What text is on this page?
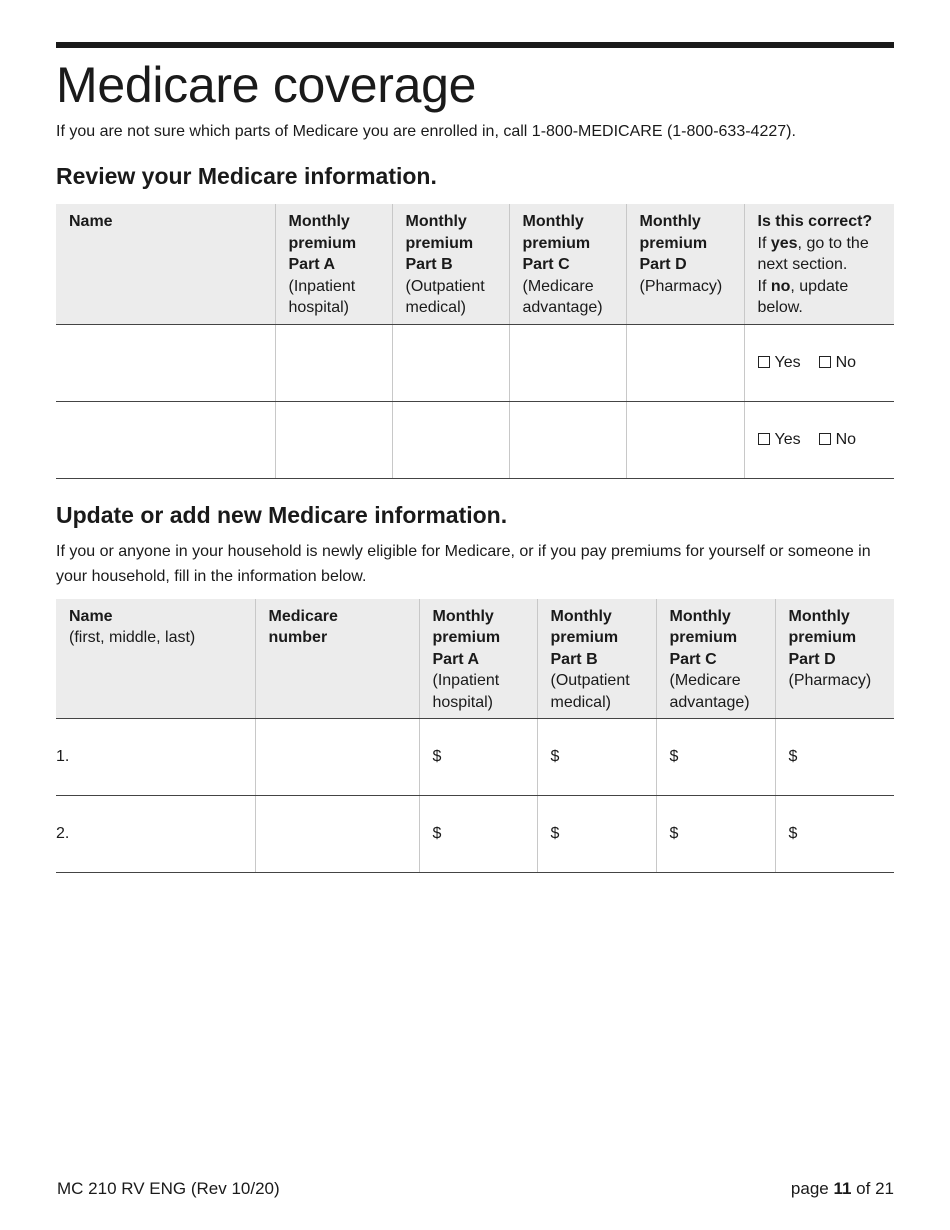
Medicare coverage

If you are not sure which parts of Medicare you are enrolled in, call 1-800-MEDICARE (1-800-633-4227).

Review your Medicare information.
Name	Monthly
premium
Part A
(Inpatient
hospital)	Monthly
premium
Part B
(Outpatient
medical)	Monthly
premium
Part C
(Medicare
advantage)	Monthly
premium
Part D
(Pharmacy)	Is this correct?
If yes, go to the
next section.
If no, update
below.

					Yes No
					Yes No
Update or add new Medicare information.

If you or anyone in your household is newly eligible for Medicare, or if you pay premiums for yourself or someone in your household, fill in the information below.

Name
(first, middle, last)	Medicare
number	Monthly
premium
Part A
(Inpatient
hospital)	Monthly
premium
Part B
(Outpatient
medical)	Monthly
premium
Part C
(Medicare
advantage)	Monthly
premium
Part D
(Pharmacy)

1.		$	$	$	$
2.		$	$	$	$
MC 210 RV ENG (Rev 10/20)	page 11 of 21
